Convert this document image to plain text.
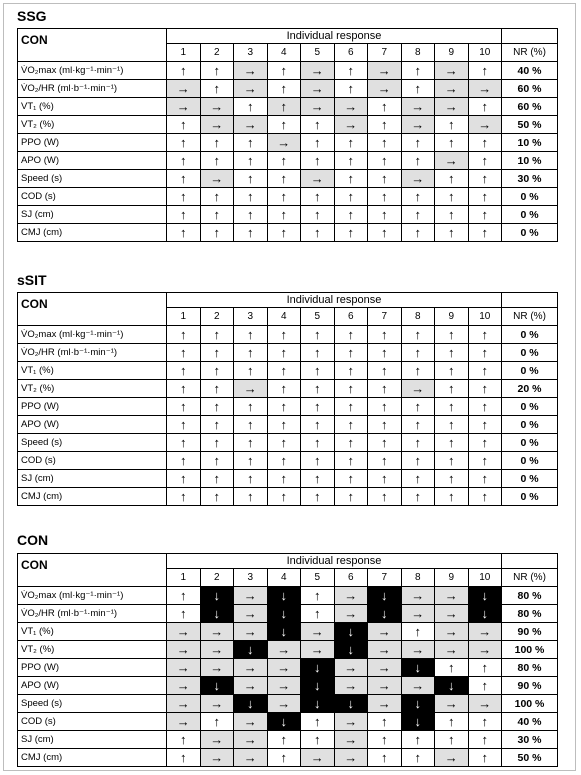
SSG
CON	Individual response										
	1	2	3	4	5	6	7	8	9	10	NR (%)
V̇O₂max (ml·kg⁻¹·min⁻¹)	↑	↑	→	↑	→	↑	→	↑	→	↑	40 %
V̇O₂/HR (ml·b⁻¹·min⁻¹)	→	↑	→	↑	→	↑	→	↑	→	→	60 %
VT₁ (%)	→	→	↑	↑	→	→	↑	→	→	↑	60 %
VT₂ (%)	↑	→	→	↑	↑	→	↑	→	↑	→	50 %
PPO (W)	↑	↑	↑	→	↑	↑	↑	↑	↑	↑	10 %
APO (W)	↑	↑	↑	↑	↑	↑	↑	↑	→	↑	10 %
Speed (s)	↑	→	↑	↑	→	↑	↑	→	↑	↑	30 %
COD (s)	↑	↑	↑	↑	↑	↑	↑	↑	↑	↑	0 %
SJ (cm)	↑	↑	↑	↑	↑	↑	↑	↑	↑	↑	0 %
CMJ (cm)	↑	↑	↑	↑	↑	↑	↑	↑	↑	↑	0 %
sSIT
CON	Individual response										
	1	2	3	4	5	6	7	8	9	10	NR (%)
V̇O₂max (ml·kg⁻¹·min⁻¹)	↑	↑	↑	↑	↑	↑	↑	↑	↑	↑	0 %
V̇O₂/HR (ml·b⁻¹·min⁻¹)	↑	↑	↑	↑	↑	↑	↑	↑	↑	↑	0 %
VT₁ (%)	↑	↑	↑	↑	↑	↑	↑	↑	↑	↑	0 %
VT₂ (%)	↑	↑	→	↑	↑	↑	↑	→	↑	↑	20 %
PPO (W)	↑	↑	↑	↑	↑	↑	↑	↑	↑	↑	0 %
APO (W)	↑	↑	↑	↑	↑	↑	↑	↑	↑	↑	0 %
Speed (s)	↑	↑	↑	↑	↑	↑	↑	↑	↑	↑	0 %
COD (s)	↑	↑	↑	↑	↑	↑	↑	↑	↑	↑	0 %
SJ (cm)	↑	↑	↑	↑	↑	↑	↑	↑	↑	↑	0 %
CMJ (cm)	↑	↑	↑	↑	↑	↑	↑	↑	↑	↑	0 %
CON
CON	Individual response										
	1	2	3	4	5	6	7	8	9	10	NR (%)
V̇O₂max (ml·kg⁻¹·min⁻¹)	↑	↓	→	↓	↑	→	↓	→	→	↓	80 %
V̇O₂/HR (ml·b⁻¹·min⁻¹)	↑	↓	→	↓	↑	→	↓	→	→	↓	80 %
VT₁ (%)	→	→	→	↓	→	↓	→	↑	→	→	90 %
VT₂ (%)	→	→	↓	→	→	↓	→	→	→	→	100 %
PPO (W)	→	→	→	→	↓	→	→	↓	↑	↑	80 %
APO (W)	→	↓	→	→	↓	→	→	→	↓	↑	90 %
Speed (s)	→	→	↓	→	↓	↓	→	↓	→	→	100 %
COD (s)	→	↑	→	↓	↑	→	↑	↓	↑	↑	40 %
SJ (cm)	↑	→	→	↑	↑	→	↑	↑	↑	↑	30 %
CMJ (cm)	↑	→	→	↑	→	→	↑	↑	→	↑	50 %
